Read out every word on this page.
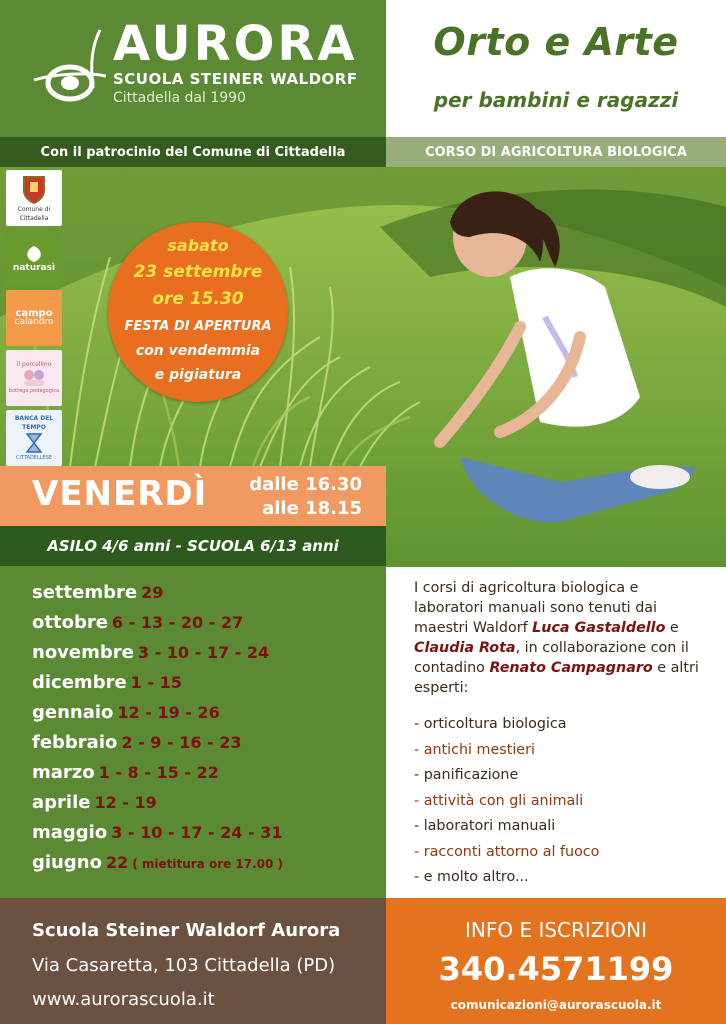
AURORA
SCUOLA STEINER WALDORF
Cittadella dal 1990
Orto e Arte
per bambini e ragazzi
Con il patrocinio del Comune di Cittadella	CORSO DI AGRICOLTURA BIOLOGICA
Comune di Cittadella
naturasì
campo
calandro
il porcellino
bottega pedagogica
BANCA DEL TEMPO
CITTADELLESE
sabato
23 settembre
ore 15.30
FESTA DI APERTURA
con vendemmia
e pigiatura
VENERDÌ dalle 16.30
alle 18.15
ASILO 4/6 anni - SCUOLA 6/13 anni
settembre 29
ottobre 6 - 13 - 20 - 27
novembre 3 - 10 - 17 - 24
dicembre 1 - 15
gennaio 12 - 19 - 26
febbraio 2 - 9 - 16 - 23
marzo 1 - 8 - 15 - 22
aprile 12 - 19
maggio 3 - 10 - 17 - 24 - 31
giugno 22 ( mietitura ore 17.00 )

I corsi di agricoltura biologica e laboratori manuali sono tenuti dai maestri Waldorf Luca Gastaldello e Claudia Rota, in collaborazione con il contadino Renato Campagnaro e altri esperti:

- orticoltura biologica
- antichi mestieri
- panificazione
- attività con gli animali
- laboratori manuali
- racconti attorno al fuoco
- e molto altro...
Scuola Steiner Waldorf Aurora
Via Casaretta, 103 Cittadella (PD)
www.aurorascuola.it
INFO E ISCRIZIONI
340.4571199
comunicazioni@aurorascuola.it
